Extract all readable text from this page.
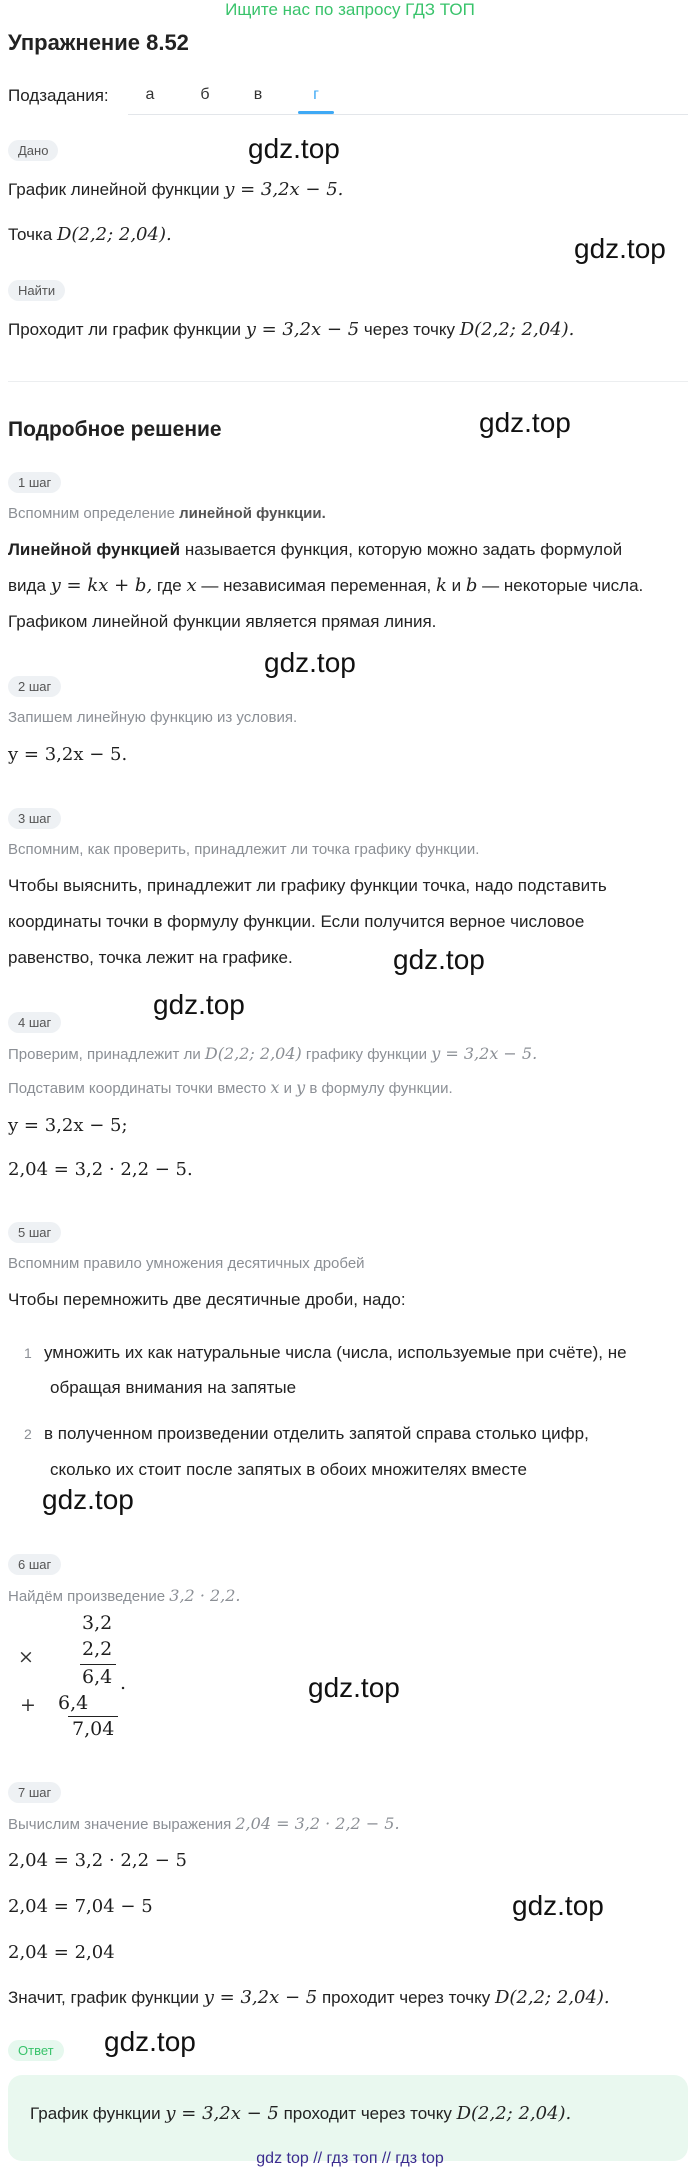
Ищите нас по запросу ГДЗ ТОП
Упражнение 8.52
Подзадания:	а	б	в	г
Дано	gdz.top
График линейной функции y = 3,2x − 5.
gdz.top
Точка D(2,2; 2,04).
Найти
Проходит ли график функции y = 3,2x − 5 через точку D(2,2; 2,04).
Подробное решение	gdz.top
1 шаг
Вспомним определение линейной функции.
Линейной функцией называется функция, которую можно задать формулой
вида y = kx + b, где x — независимая переменная, k и b — некоторые числа.
Графиком линейной функции является прямая линия.
gdz.top
2 шаг
Запишем линейную функцию из условия.
y = 3,2x − 5.
3 шаг
Вспомним, как проверить, принадлежит ли точка графику функции.
Чтобы выяснить, принадлежит ли графику функции точка, надо подставить
координаты точки в формулу функции. Если получится верное числовое
равенство, точка лежит на графике.	gdz.top
gdz.top
4 шаг
Проверим, принадлежит ли D(2,2; 2,04) графику функции y = 3,2x − 5.
Подставим координаты точки вместо x и y в формулу функции.
y = 3,2x − 5;
2,04 = 3,2 · 2,2 − 5.
5 шаг
Вспомним правило умножения десятичных дробей
Чтобы перемножить две десятичные дроби, надо:
1 умножить их как натуральные числа (числа, используемые при счёте), не
обращая внимания на запятые
2 в полученном произведении отделить запятой справа столько цифр,
сколько их стоит после запятых в обоих множителях вместе
gdz.top
6 шаг
Найдём произведение 3,2 · 2,2.
3,2
×	2,2
6,4 .
+ 6,4
7,04
gdz.top
7 шаг
Вычислим значение выражения 2,04 = 3,2 · 2,2 − 5.
2,04 = 3,2 · 2,2 − 5
2,04 = 7,04 − 5	gdz.top
2,04 = 2,04
Значит, график функции y = 3,2x − 5 проходит через точку D(2,2; 2,04).
Ответ	gdz.top
График функции y = 3,2x − 5 проходит через точку D(2,2; 2,04).
gdz top // гдз топ // гдз top
